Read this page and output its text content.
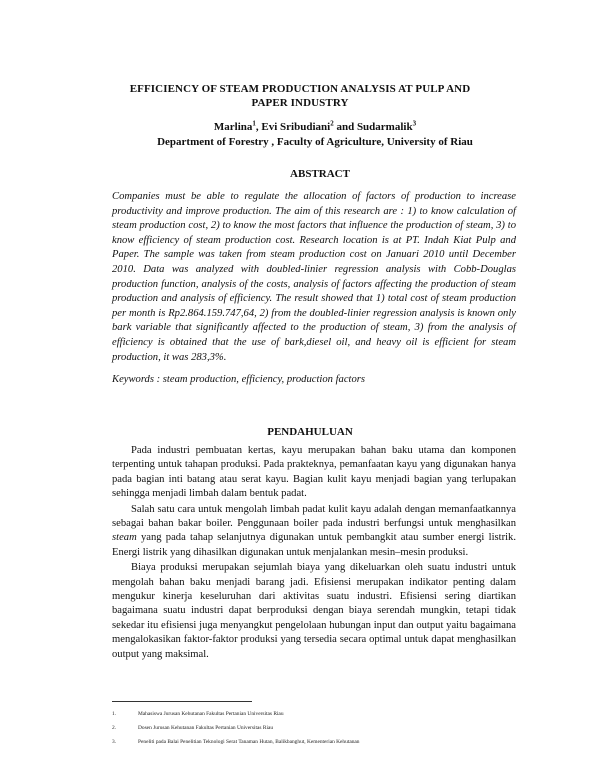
EFFICIENCY OF STEAM PRODUCTION ANALYSIS AT PULP AND
PAPER INDUSTRY
Marlina$^1$, Evi Sribudiani$^2$ and Sudarmalik$^3$
Department of Forestry , Faculty of Agriculture, University of Riau
ABSTRACT
Companies must be able to regulate the allocation of factors of production to increase productivity and improve production. The aim of this research are : 1) to know calculation of steam production cost, 2) to know the most factors that influence the production of steam, 3) to know efficiency of steam production cost. Research location is at PT. Indah Kiat Pulp and Paper. The sample was taken from steam production cost on Januari 2010 until December 2010. Data was analyzed with doubled-linier regression analysis with Cobb-Douglas production function, analysis of the costs, analysis of factors affecting the production of steam production and analysis of efficiency. The result showed that 1) total cost of steam production per month is Rp2.864.159.747,64, 2) from the doubled-linier regression analysis is known only bark variable that significantly affected to the production of steam, 3) from the analysis of efficiency is obtained that the use of bark,diesel oil, and heavy oil is efficient for steam production, it was 283,3%.
Keywords : steam production, efficiency, production factors
PENDAHULUAN

Pada industri pembuatan kertas, kayu merupakan bahan baku utama dan komponen terpenting untuk tahapan produksi. Pada prakteknya, pemanfaatan kayu yang digunakan hanya pada bagian inti batang atau serat kayu. Bagian kulit kayu menjadi bagian yang terlupakan sehingga menjadi limbah dalam bentuk padat.

Salah satu cara untuk mengolah limbah padat kulit kayu adalah dengan memanfaatkannya sebagai bahan bakar boiler. Penggunaan boiler pada industri berfungsi untuk menghasilkan steam yang pada tahap selanjutnya digunakan untuk pembangkit atau sumber energi listrik. Energi listrik yang dihasilkan digunakan untuk menjalankan mesin–mesin produksi.

Biaya produksi merupakan sejumlah biaya yang dikeluarkan oleh suatu industri untuk mengolah bahan baku menjadi barang jadi. Efisiensi merupakan indikator penting dalam mengukur kinerja keseluruhan dari aktivitas suatu industri. Efisiensi sering diartikan bagaimana suatu industri dapat berproduksi dengan biaya serendah mungkin, tetapi tidak sekedar itu efisiensi juga menyangkut pengelolaan hubungan input dan output yaitu bagaimana mengalokasikan faktor-faktor produksi yang tersedia secara optimal untuk dapat menghasilkan output yang maksimal.

1.	Mahasiswa Jurusan Kehutanan Fakultas Pertanian Universitas Riau
2.	Dosen Jurusan Kehutanan Fakultas Pertanian Universitas Riau
3.	Peneliti pada Balai Penelitian Teknologi Serat Tanaman Hutan, Balikbanghut, Kementerian Kehutanan
